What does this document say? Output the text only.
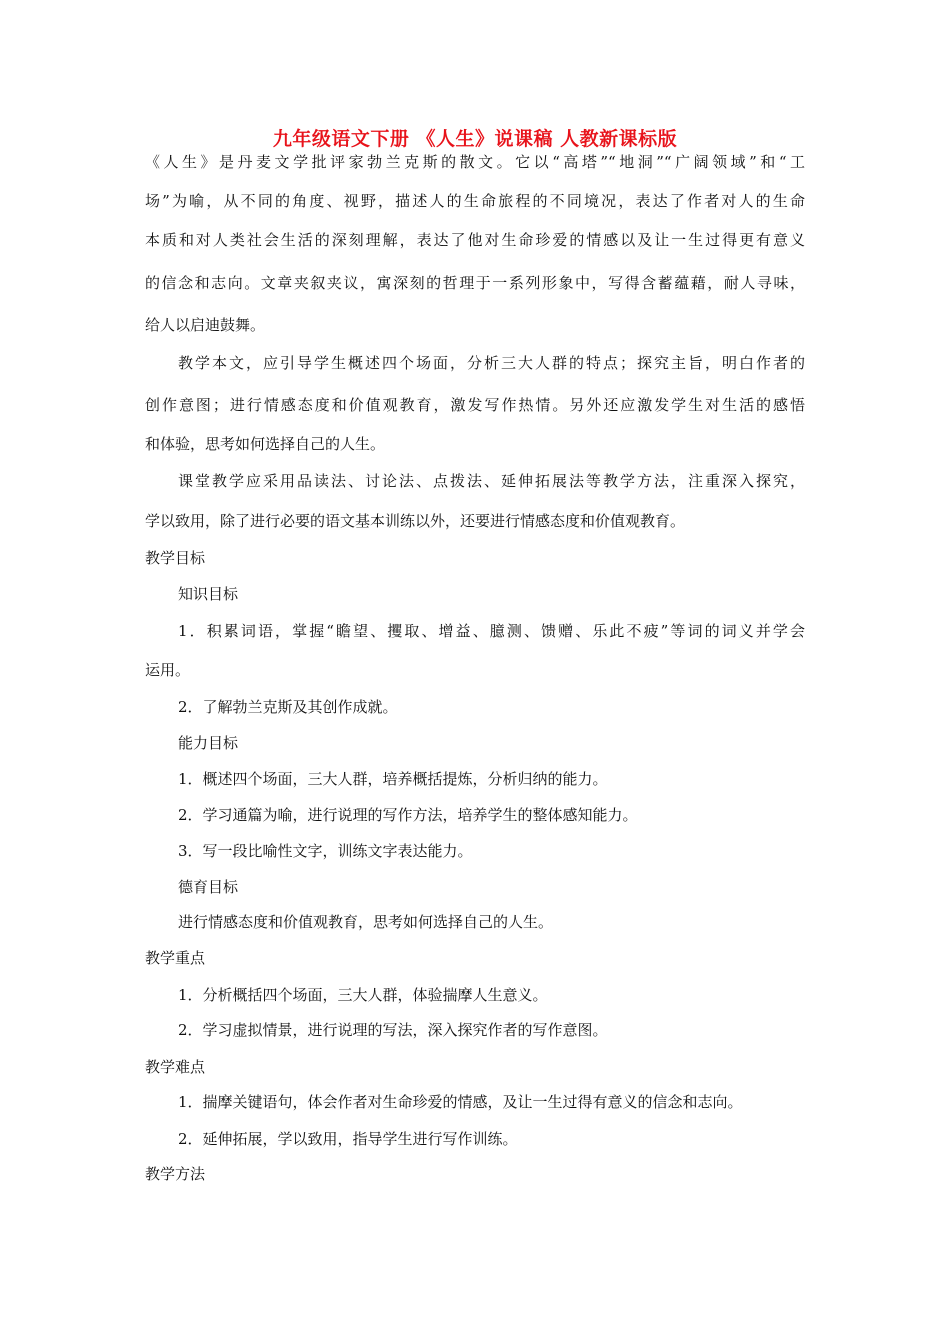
九年级语文下册 《人生》说课稿 人教新课标版
《人生》是丹麦文学批评家勃兰克斯的散文。它以“高塔”“地洞”“广阔领域”和“工
场”为喻，从不同的角度、视野，描述人的生命旅程的不同境况，表达了作者对人的生命
本质和对人类社会生活的深刻理解，表达了他对生命珍爱的情感以及让一生过得更有意义
的信念和志向。文章夹叙夹议，寓深刻的哲理于一系列形象中，写得含蓄蕴藉，耐人寻味，
给人以启迪鼓舞。
教学本文，应引导学生概述四个场面，分析三大人群的特点；探究主旨，明白作者的
创作意图；进行情感态度和价值观教育，激发写作热情。另外还应激发学生对生活的感悟
和体验，思考如何选择自己的人生。
课堂教学应采用品读法、讨论法、点拨法、延伸拓展法等教学方法，注重深入探究，
学以致用，除了进行必要的语文基本训练以外，还要进行情感态度和价值观教育。
教学目标
知识目标
1．积累词语，掌握“瞻望、攫取、增益、臆测、馈赠、乐此不疲”等词的词义并学会
运用。
2．了解勃兰克斯及其创作成就。
能力目标
1．概述四个场面，三大人群，培养概括提炼，分析归纳的能力。
2．学习通篇为喻，进行说理的写作方法，培养学生的整体感知能力。
3．写一段比喻性文字，训练文字表达能力。
德育目标
进行情感态度和价值观教育，思考如何选择自己的人生。
教学重点
1．分析概括四个场面，三大人群，体验揣摩人生意义。
2．学习虚拟情景，进行说理的写法，深入探究作者的写作意图。
教学难点
1．揣摩关键语句，体会作者对生命珍爱的情感，及让一生过得有意义的信念和志向。
2．延伸拓展，学以致用，指导学生进行写作训练。
教学方法
